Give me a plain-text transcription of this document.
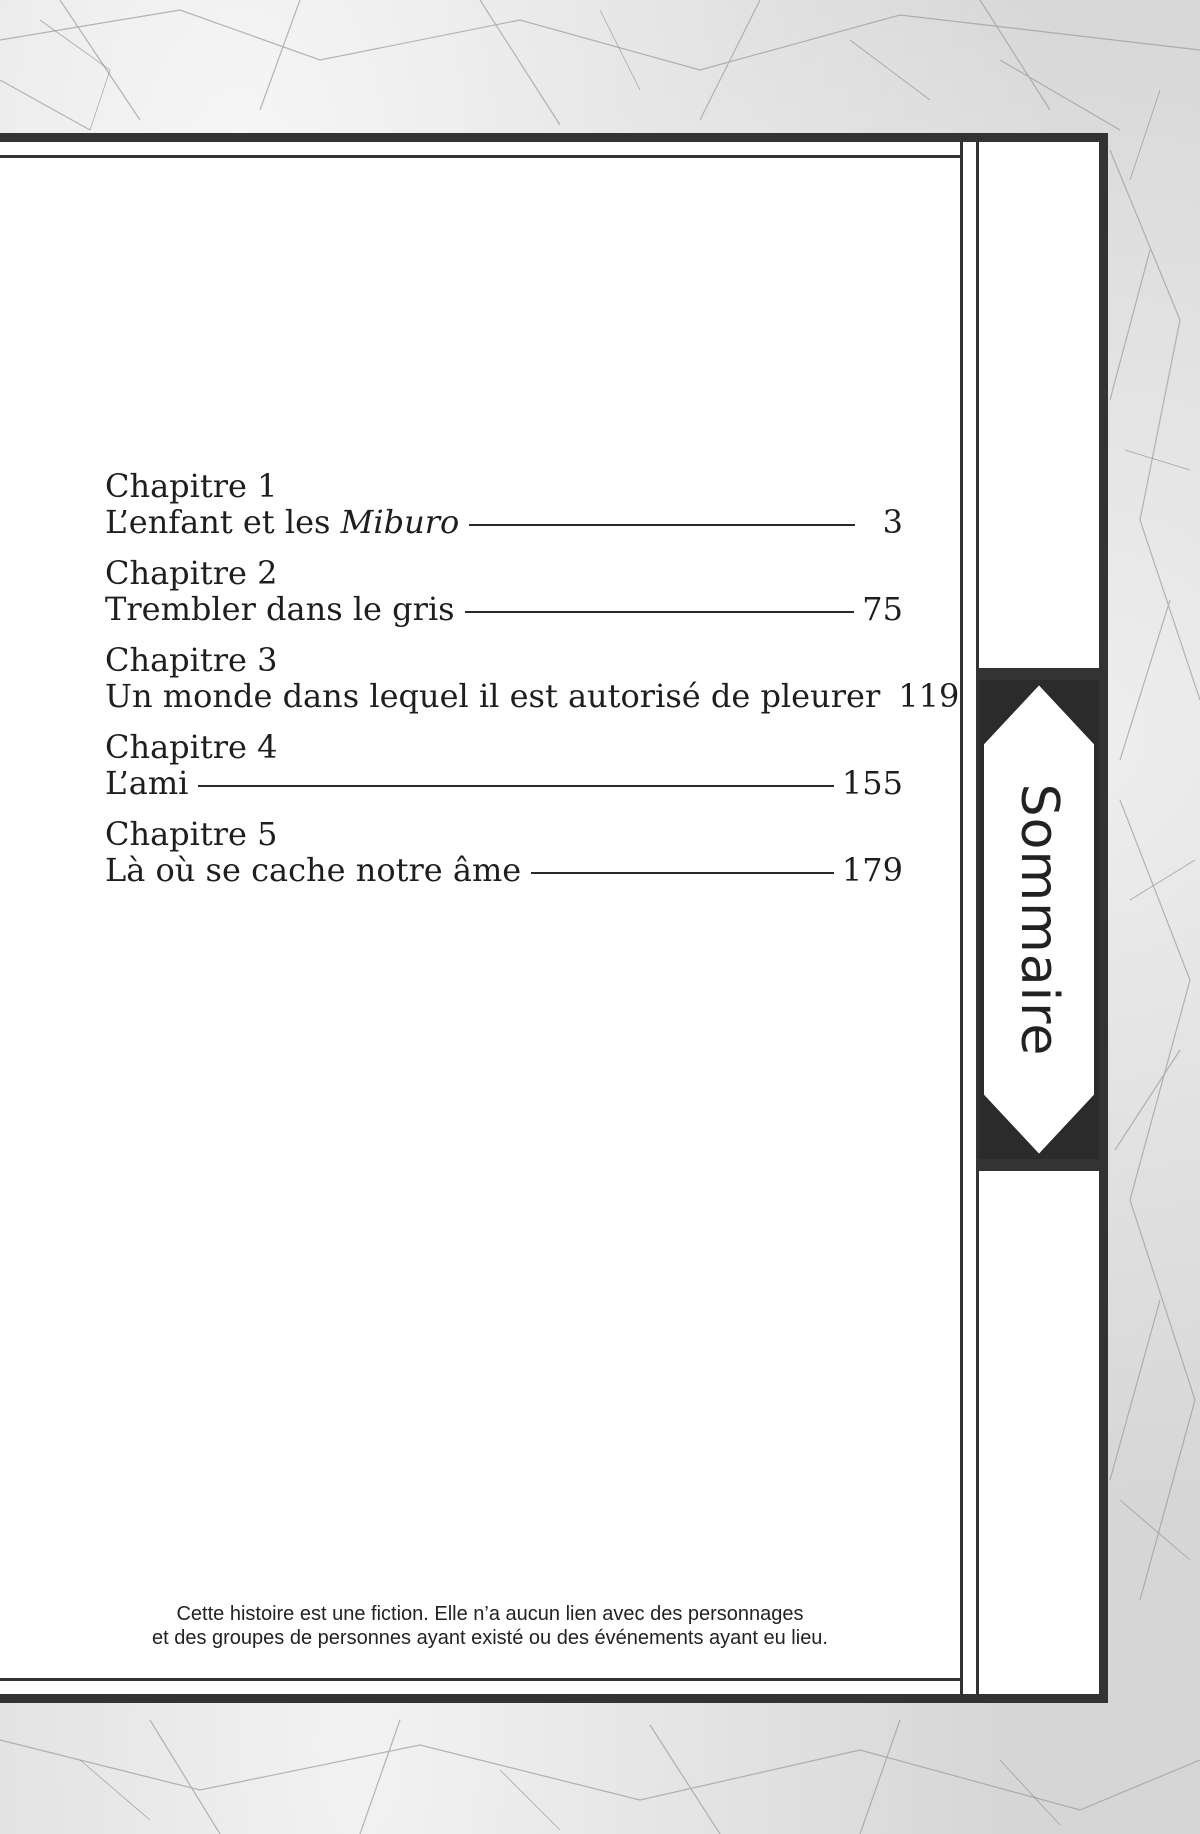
Sommaire
Chapitre 1
L’enfant et les Miburo	3
Chapitre 2
Trembler dans le gris	75
Chapitre 3
Un monde dans lequel il est autorisé de pleurer 119
Chapitre 4
L’ami	155
Chapitre 5
Là où se cache notre âme	179
Cette histoire est une fiction. Elle n’a aucun lien avec des personnages
et des groupes de personnes ayant existé ou des événements ayant eu lieu.
